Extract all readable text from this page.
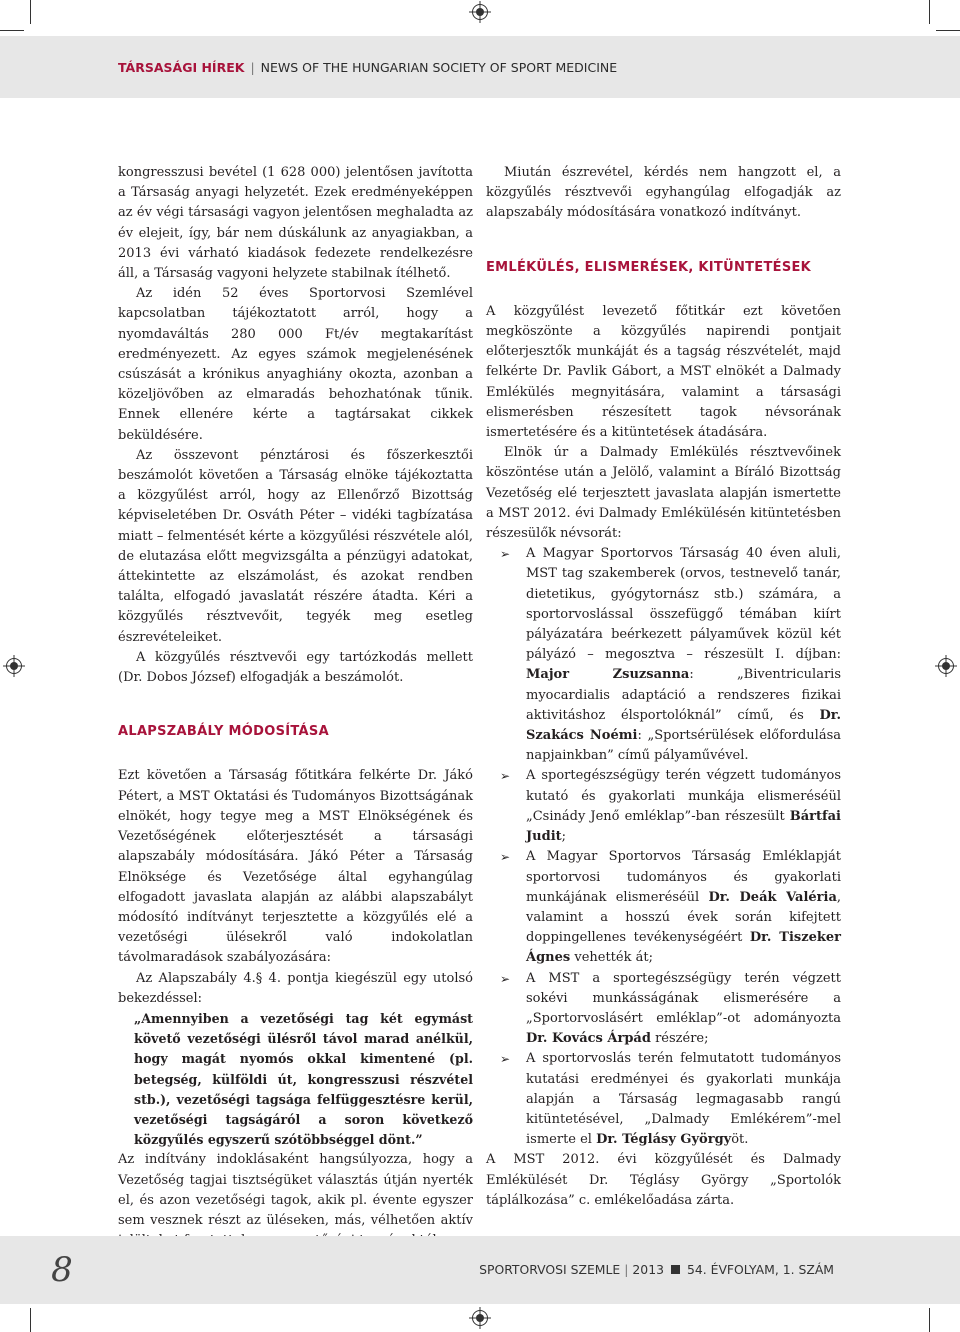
TÁRSASÁGI HÍREK | NEWS OF THE HUNGARIAN SOCIETY OF SPORT MEDICINE

kongresszusi bevétel (1 628 000) jelentősen javította a Társaság anyagi helyzetét. Ezek eredményeképpen az év végi társasági vagyon jelentősen meghaladta az év elejeit, így, bár nem dúskálunk az anyagiakban, a 2013 évi várható kiadások fedezete rendelkezésre áll, a Társaság vagyoni helyzete stabilnak ítélhető.

Az idén 52 éves Sportorvosi Szemlével kapcsolatban tájékoztatott arról, hogy a nyomdaváltás 280 000 Ft/év megtakarítást eredményezett. Az egyes számok megjelenésének csúszását a krónikus anyaghiány okozta, azonban a közeljövőben az elmaradás behozhatónak tűnik. Ennek ellenére kérte a tagtársakat cikkek beküldésére.

Az összevont pénztárosi és főszerkesztői beszámolót követően a Társaság elnöke tájékoztatta a közgyűlést arról, hogy az Ellenőrző Bizottság képviseletében Dr. Osváth Péter – vidéki tagbízatása miatt – felmentését kérte a közgyűlési részvétele alól, de elutazása előtt megvizsgálta a pénzügyi adatokat, áttekintette az elszámolást, és azokat rendben találta, elfogadó javaslatát részére átadta. Kéri a közgyűlés résztvevőit, tegyék meg esetleg észrevételeiket.

A közgyűlés résztvevői egy tartózkodás mellett (Dr. Dobos József) elfogadják a beszámolót.

ALAPSZABÁLY MÓDOSÍTÁSA

Ezt követően a Társaság főtitkára felkérte Dr. Jákó Pétert, a MST Oktatási és Tudományos Bizottságának elnökét, hogy tegye meg a MST Elnökségének és Vezetőségének előterjesztését a társasági alapszabály módosítására. Jákó Péter a Társaság Elnöksége és Vezetősége által egyhangúlag elfogadott javaslata alapján az alábbi alapszabályt módosító indítványt terjesztette a közgyűlés elé a vezetőségi ülésekről való indokolatlan távolmaradások szabályozására:

Az Alapszabály 4.§ 4. pontja kiegészül egy utolsó bekezdéssel:

„Amennyiben a vezetőségi tag két egymást követő vezetőségi ülésről távol marad anélkül, hogy magát nyomós okkal kimentené (pl. betegség, külföldi út, kongresszusi részvétel stb.), vezetőségi tagsága felfüggesztésre kerül, vezetőségi tagságáról a soron következő közgyűlés egyszerű szótöbbséggel dönt.”

Az indítvány indoklásaként hangsúlyozza, hogy a Vezetőség tagjai tisztségüket választás útján nyerték el, és azon vezetőségi tagok, akik pl. évente egyszer sem vesznek részt az üléseken, más, vélhetően aktív

Miután észrevétel, kérdés nem hangzott el, a közgyűlés résztvevői egyhangúlag elfogadják az alapszabály módosítására vonatkozó indítványt.

EMLÉKÜLÉS, ELISMERÉSEK, KITÜNTETÉSEK

A közgyűlést levezető főtitkár ezt követően megköszönte a közgyűlés napirendi pontjait előterjesztők munkáját és a tagság részvételét, majd felkérte Dr. Pavlik Gábort, a MST elnökét a Dalmady Emlékülés megnyitására, valamint a társasági elismerésben részesített tagok névsorának ismertetésére és a kitüntetések átadására.

Elnök úr a Dalmady Emlékülés résztvevőinek köszöntése után a Jelölő, valamint a Bíráló Bizottság Vezetőség elé terjesztett javaslata alapján ismertette a MST 2012. évi Dalmady Emlékülésén kitüntetésben részesülők névsorát:

➢ A Magyar Sportorvos Társaság 40 éven aluli, MST tag szakemberek (orvos, testnevelő tanár, dietetikus, gyógytornász stb.) számára, a sportorvoslással összefüggő témában kiírt pályázatára beérkezett pályaművek közül két pályázó – megosztva – részesült I. díjban: Major Zsuzsanna: „Biventricularis myocardialis adaptáció a rendszeres fizikai aktivitáshoz élsportolóknál” című, és Dr. Szakács Noémi: „Sportsérülések előfordulása napjainkban” című pályaművével.
➢ A sportegészségügy terén végzett tudományos kutató és gyakorlati munkája elismeréséül „Csinády Jenő emléklap”-ban részesült Bártfai Judit;
➢ A Magyar Sportorvos Társaság Emléklapját sportorvosi tudományos és gyakorlati munkájának elismeréséül Dr. Deák Valéria, valamint a hosszú évek során kifejtett doppingellenes tevékenységéért Dr. Tiszeker Ágnes vehették át;
➢ A MST a sportegészségügy terén végzett sokévi munkásságának elismerésére a „Sportorvoslásért emléklap”-ot adományozta Dr. Kovács Árpád részére;
➢ A sportorvoslás terén felmutatott tudományos kutatási eredményei és gyakorlati munkája alapján a Társaság legmagasabb rangú kitüntetésével, „Dalmady Emlékérem”-mel ismerte el Dr. Téglásy Györgyöt.

A MST 2012. évi közgyűlését és Dalmady Emlékülését Dr. Téglásy György „Sportolók táplálkozása” c. emlékelőadása zárta.

8	SPORTORVOSI SZEMLE | 2013 54. ÉVFOLYAM, 1. SZÁM
